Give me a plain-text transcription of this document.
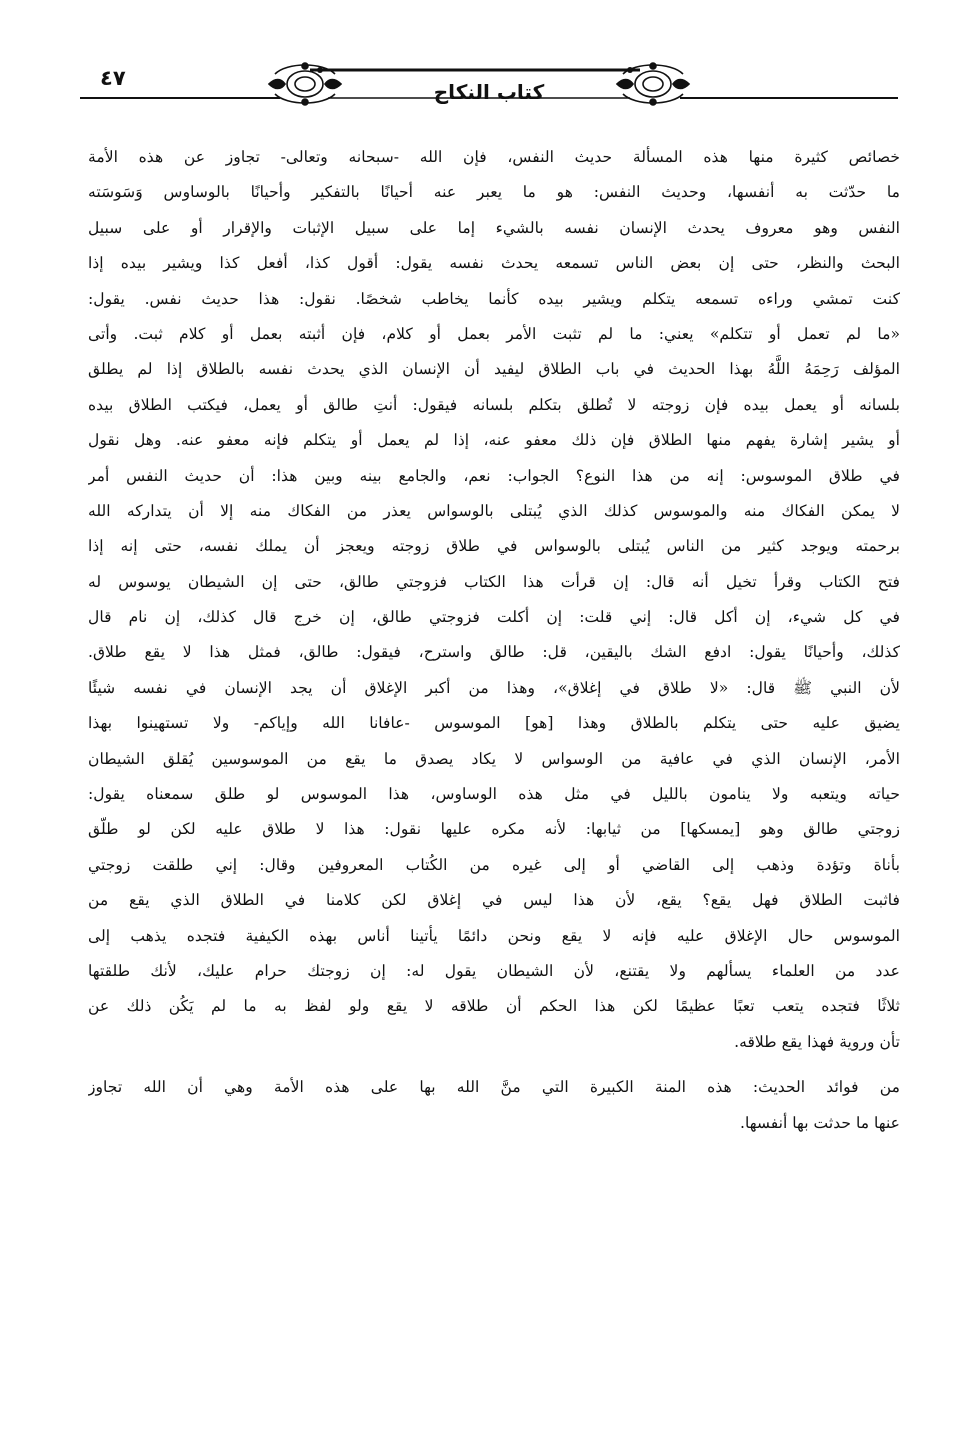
٤٧
كتاب النكاح
خصائص كثيرة منها هذه المسألة حديث النفس، فإن الله -سبحانه وتعالى- تجاوز عن هذه الأمة
ما حدّثت به أنفسها، وحديث النفس: هو ما يعبر عنه أحيانًا بالتفكير وأحيانًا بالوساوس وَسَوسَته
النفس وهو معروف يحدث الإنسان نفسه بالشيء إما على سبيل الإثبات والإقرار أو على سبيل
البحث والنظر، حتى إن بعض الناس تسمعه يحدث نفسه يقول: أقول كذا، أفعل كذا ويشير بيده إذا
كنت تمشي وراءه تسمعه يتكلم ويشير بيده كأنما يخاطب شخصًا. نقول: هذا حديث نفس. يقول:
«ما لم تعمل أو تتكلم» يعني: ما لم تثبت الأمر بعمل أو كلام، فإن أثبته بعمل أو كلام ثبت. وأتى
المؤلف رَحِمَهُ اللَّهُ بهذا الحديث في باب الطلاق ليفيد أن الإنسان الذي يحدث نفسه بالطلاق إذا لم يطلق
بلسانه أو يعمل بيده فإن زوجته لا تُطلق بتكلم بلسانه فيقول: أنتِ طالق أو يعمل، فيكتب الطلاق بيده
أو يشير إشارة يفهم منها الطلاق فإن ذلك معفو عنه، إذا لم يعمل أو يتكلم فإنه معفو عنه. وهل نقول
في طلاق الموسوس: إنه من هذا النوع؟ الجواب: نعم، والجامع بينه وبين هذا: أن حديث النفس أمر
لا يمكن الفكاك منه والموسوس كذلك الذي يُبتلى بالوسواس يعذر من الفكاك منه إلا أن يتداركه الله
برحمته ويوجد كثير من الناس يُبتلى بالوسواس في طلاق زوجته ويعجز أن يملك نفسه، حتى إنه إذا
فتح الكتاب وقرأ تخيل أنه قال: إن قرأت هذا الكتاب فزوجتي طالق، حتى إن الشيطان يوسوس له
في كل شيء، إن أكل قال: إني قلت: إن أكلت فزوجتي طالق، إن خرج قال كذلك، إن نام قال
كذلك، وأحيانًا يقول: ادفع الشك باليقين، قل: طالق واسترح، فيقول: طالق، فمثل هذا لا يقع طلاق.
لأن النبي ﷺ قال: «لا طلاق في إغلاق»، وهذا من أكبر الإغلاق أن يجد الإنسان في نفسه شيئًا
يضيق عليه حتى يتكلم بالطلاق وهذا [هو] الموسوس -عافانا الله وإياكم- ولا تستهينوا بهذا
الأمر، الإنسان الذي في عافية من الوسواس لا يكاد يصدق ما يقع من الموسوسين يُقلق الشيطان
حياته ويتعبه ولا ينامون بالليل في مثل هذه الوساوس، هذا الموسوس لو طلق سمعناه يقول:
زوجتي طالق وهو [يمسكها] من ثيابها: لأنه مكره عليها نقول: هذا لا طلاق عليه لكن لو طلّق
بأناة وتؤدة وذهب إلى القاضي أو إلى غيره من الكُتاب المعروفين وقال: إني طلقت زوجتي
فاثبت الطلاق فهل يقع؟ يقع، لأن هذا ليس في إغلاق لكن كلامنا في الطلاق الذي يقع من
الموسوس حال الإغلاق عليه فإنه لا يقع ونحن دائمًا يأتينا أناس بهذه الكيفية فتجده يذهب إلى
عدد من العلماء يسألهم ولا يقتنع، لأن الشيطان يقول له: إن زوجتك حرام عليك، لأنك طلقتها
ثلاثًا فتجده يتعب تعبًا عظيمًا لكن هذا الحكم أن طلاقه لا يقع ولو لفظ به ما لم يَكُن ذلك عن
تأن وروية فهذا يقع طلاقه.
من فوائد الحديث: هذه المنة الكبيرة التي منَّ الله بها على هذه الأمة وهي أن الله تجاوز
عنها ما حدثت بها أنفسها.
